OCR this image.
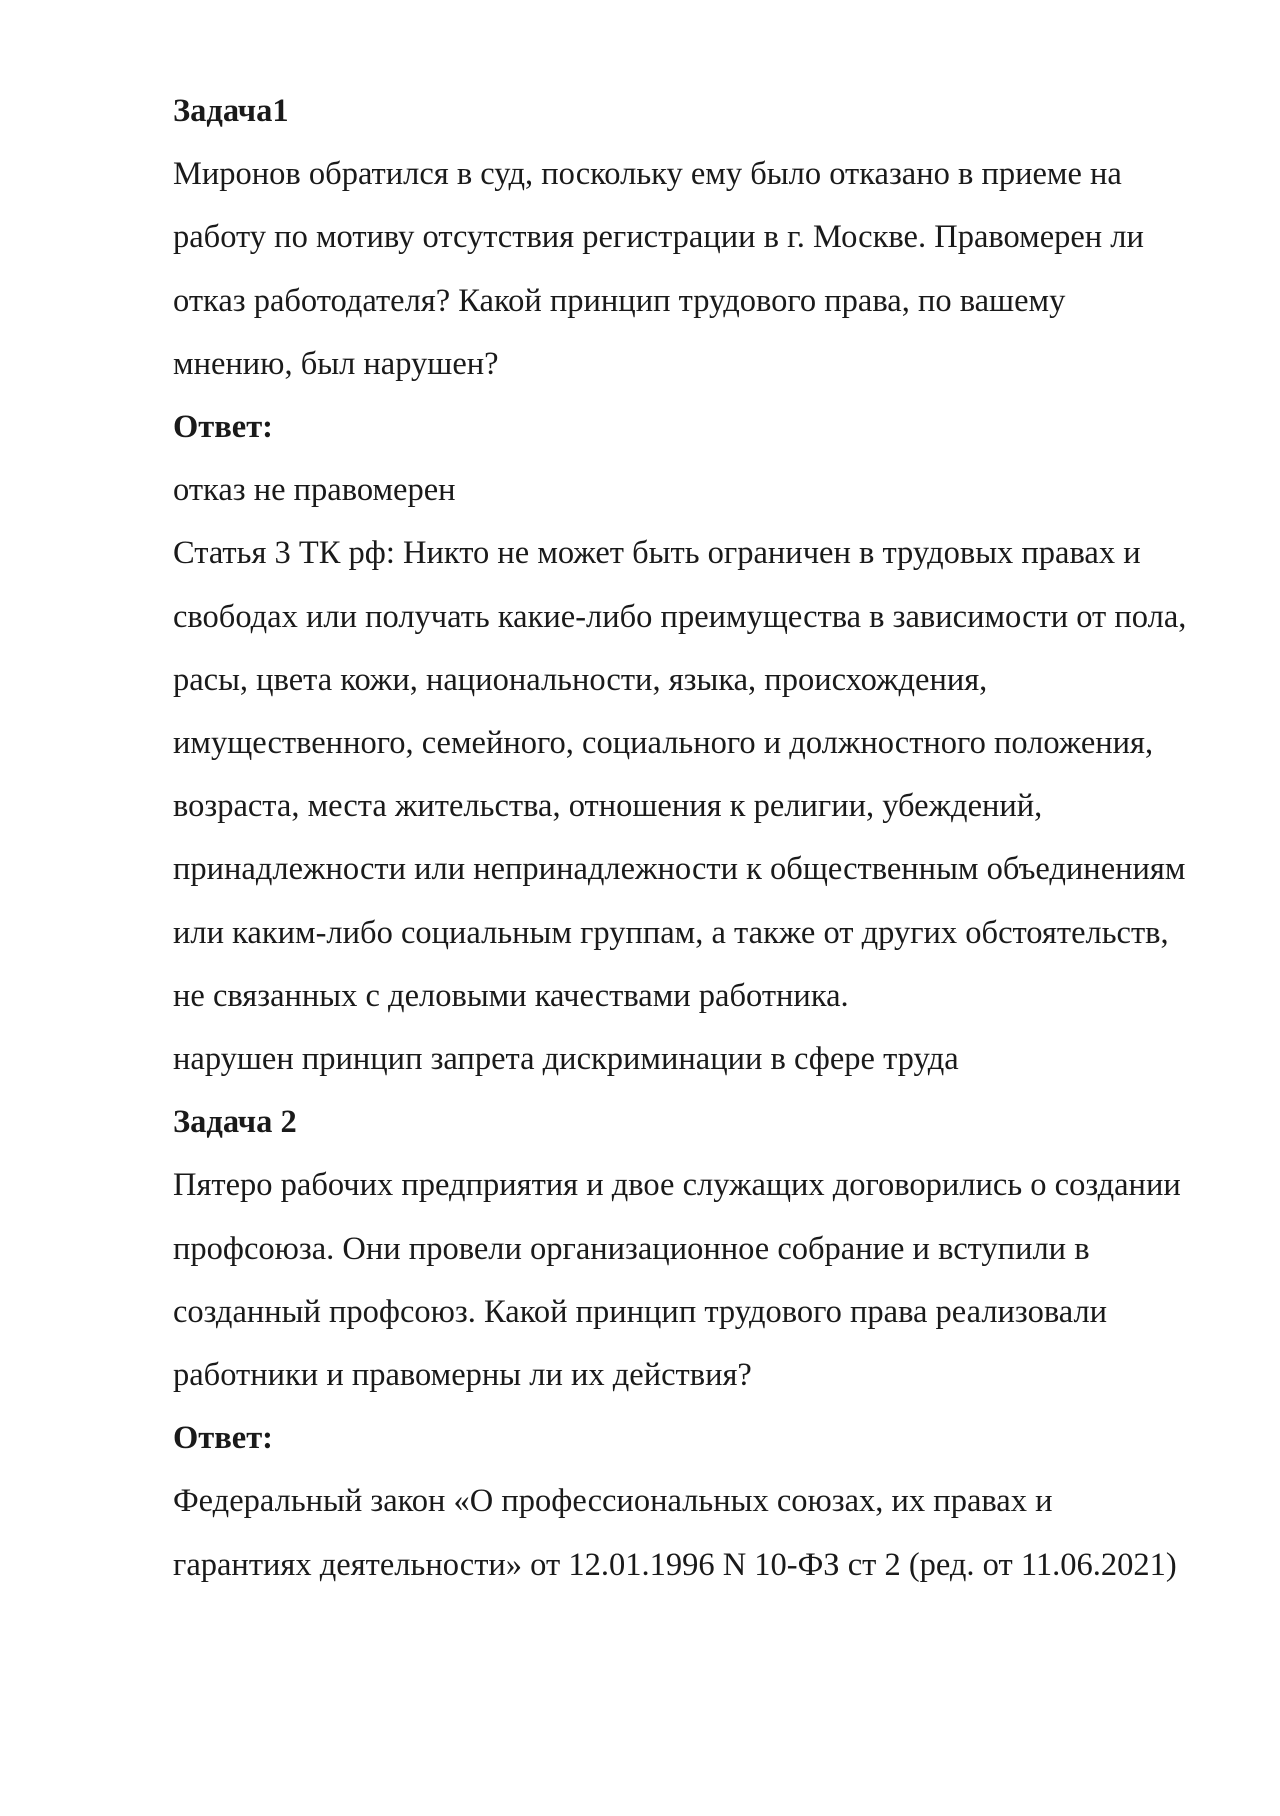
Задача1

Миронов обратился в суд, поскольку ему было отказано в приеме на работу по мотиву отсутствия регистрации в г. Москве. Правомерен ли отказ работодателя? Какой принцип трудового права, по вашему мнению, был нарушен?

Ответ:

отказ не правомерен

Статья 3 ТК рф: Никто не может быть ограничен в трудовых правах и свободах или получать какие-либо преимущества в зависимости от пола, расы, цвета кожи, национальности, языка, происхождения, имущественного, семейного, социального и должностного положения, возраста, места жительства, отношения к религии, убеждений, принадлежности или непринадлежности к общественным объединениям или каким-либо социальным группам, а также от других обстоятельств, не связанных с деловыми качествами работника.

нарушен принцип запрета дискриминации в сфере труда

Задача 2

Пятеро рабочих предприятия и двое служащих договорились о создании профсоюза. Они провели организационное собрание и вступили в созданный профсоюз. Какой принцип трудового права реализовали работники и правомерны ли их действия?

Ответ:

Федеральный закон «О профессиональных союзах, их правах и гарантиях деятельности» от 12.01.1996 N 10-ФЗ ст 2 (ред. от 11.06.2021)
